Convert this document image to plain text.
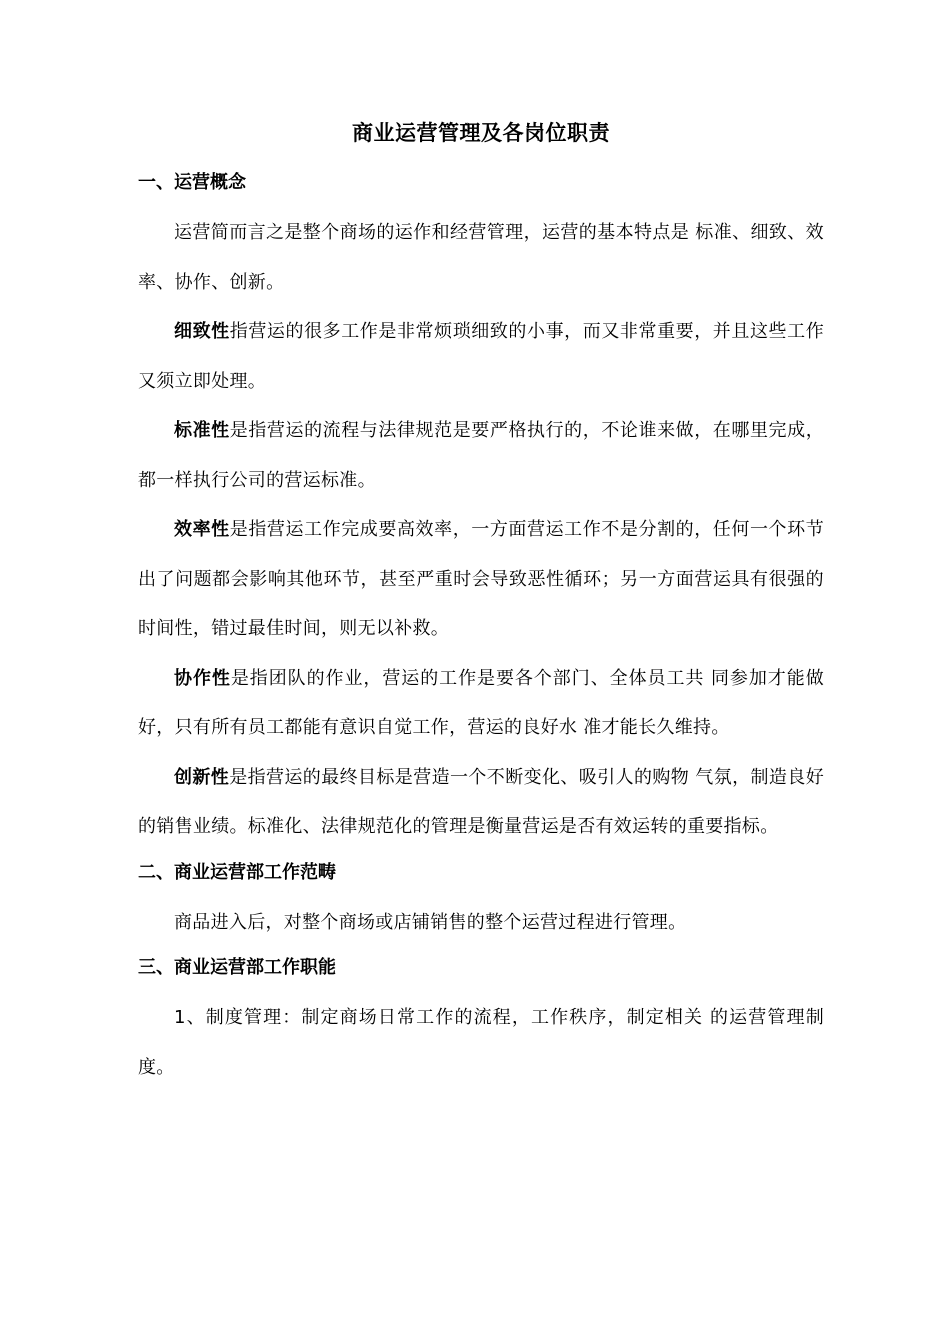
商业运营管理及各岗位职责
一、运营概念

运营简而言之是整个商场的运作和经营管理，运营的基本特点是 标准、细致、效率、协作、创新。

细致性指营运的很多工作是非常烦琐细致的小事，而又非常重要，并且这些工作又须立即处理。

标准性是指营运的流程与法律规范是要严格执行的，不论谁来做，在哪里完成，都一样执行公司的营运标准。

效率性是指营运工作完成要高效率，一方面营运工作不是分割的，任何一个环节出了问题都会影响其他环节，甚至严重时会导致恶性循环；另一方面营运具有很强的时间性，错过最佳时间，则无以补救。

协作性是指团队的作业，营运的工作是要各个部门、全体员工共 同参加才能做好，只有所有员工都能有意识自觉工作，营运的良好水 准才能长久维持。

创新性是指营运的最终目标是营造一个不断变化、吸引人的购物 气氛，制造良好的销售业绩。标准化、法律规范化的管理是衡量营运是否有效运转的重要指标。

二、商业运营部工作范畴

商品进入后，对整个商场或店铺销售的整个运营过程进行管理。

三、商业运营部工作职能

1、制度管理：制定商场日常工作的流程，工作秩序，制定相关 的运营管理制度。
